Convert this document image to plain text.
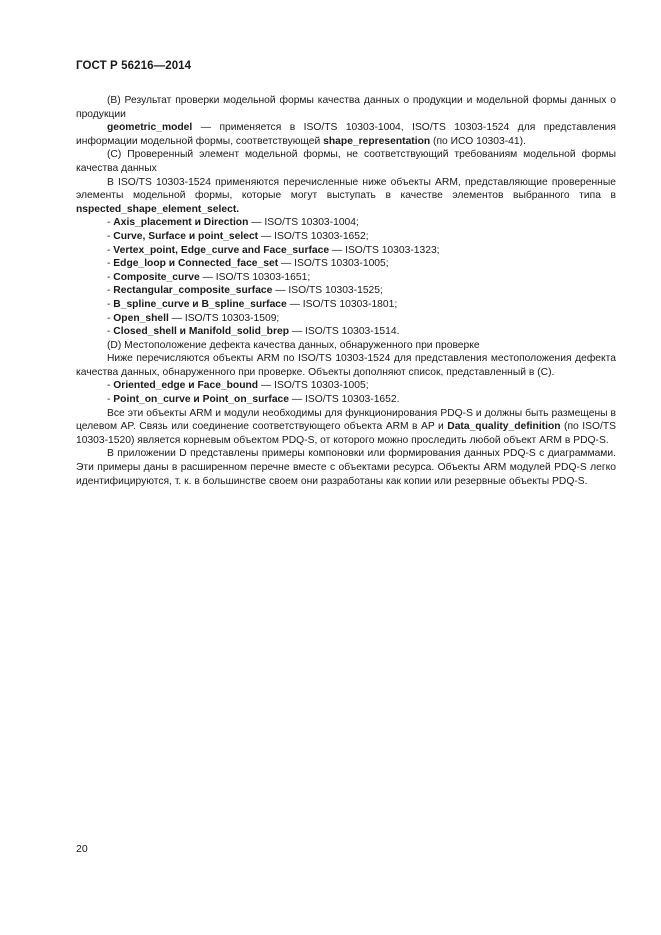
ГОСТ Р 56216—2014

(B) Результат проверки модельной формы качества данных о продукции и модельной формы данных о продукции

geometric_model — применяется в ISO/TS 10303-1004, ISO/TS 10303-1524 для представления информации модельной формы, соответствующей shape_representation (по ИСО 10303-41).

(C) Проверенный элемент модельной формы, не соответствующий требованиям модельной формы качества данных

В ISO/TS 10303-1524 применяются перечисленные ниже объекты ARM, представляющие проверенные элементы модельной формы, которые могут выступать в качестве элементов выбранного типа в nspected_shape_element_select.

- Axis_placement и Direction — ISO/TS 10303-1004;

- Curve, Surface и point_select — ISO/TS 10303-1652;

- Vertex_point, Edge_curve and Face_surface — ISO/TS 10303-1323;

- Edge_loop и Connected_face_set — ISO/TS 10303-1005;

- Composite_curve — ISO/TS 10303-1651;

- Rectangular_composite_surface — ISO/TS 10303-1525;

- B_spline_curve и B_spline_surface — ISO/TS 10303-1801;

- Open_shell — ISO/TS 10303-1509;

- Closed_shell и Manifold_solid_brep — ISO/TS 10303-1514.

(D) Местоположение дефекта качества данных, обнаруженного при проверке

Ниже перечисляются объекты ARM по ISO/TS 10303-1524 для представления местоположения дефекта качества данных, обнаруженного при проверке. Объекты дополняют список, представленный в (C).

- Oriented_edge и Face_bound — ISO/TS 10303-1005;

- Point_on_curve и Point_on_surface — ISO/TS 10303-1652.

Все эти объекты ARM и модули необходимы для функционирования PDQ-S и должны быть размещены в целевом AP. Связь или соединение соответствующего объекта ARM в AP и Data_quality_definition (по ISO/TS 10303-1520) является корневым объектом PDQ-S, от которого можно проследить любой объект ARM в PDQ-S.

В приложении D представлены примеры компоновки или формирования данных PDQ-S с диаграммами. Эти примеры даны в расширенном перечне вместе с объектами ресурса. Объекты ARM модулей PDQ-S легко идентифицируются, т. к. в большинстве своем они разработаны как копии или резервные объекты PDQ-S.

20
